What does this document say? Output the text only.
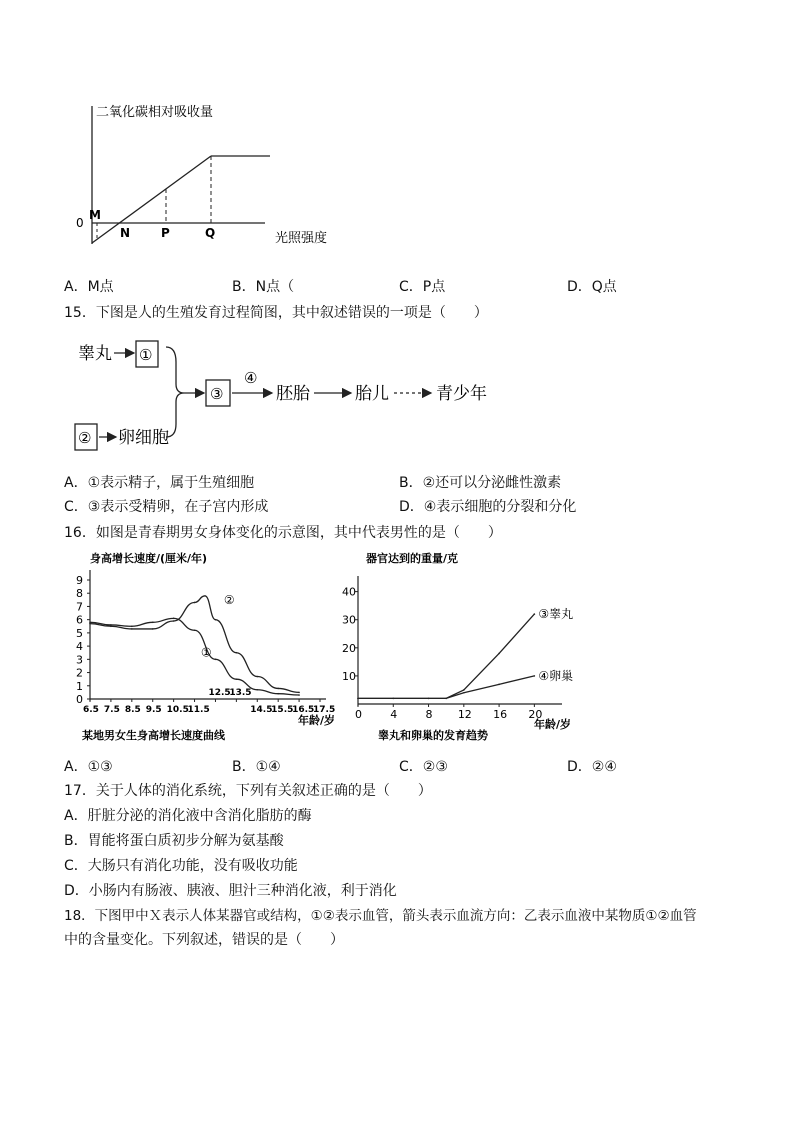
二氧化碳相对吸收量
0
光照强度
M
N	P	Q
A．M点	B．N点（	C．P点	D．Q点
15．下图是人的生殖发育过程简图，其中叙述错误的一项是（　　）
睾丸 ①
② 卵细胞
③
④
胚胎	胎儿	青少年
A．①表示精子，属于生殖细胞	B．②还可以分泌雌性激素
C．③表示受精卵，在子宫内形成	D．④表示细胞的分裂和分化
16．如图是青春期男女身体变化的示意图，其中代表男性的是（　　）
身高增长速度/(厘米/年)
年龄/岁
某地男女生身高增长速度曲线
0
1
2
3
4
5
6
7
8
9
6.5 7.5 8.5 9.5 10.5
11.5
12.5
13.5
14.5
15.5
16.5
17.5
①
②
器官达到的重量/克
年龄/岁
睾丸和卵巢的发育趋势
10
20
30
40
0	4	8 12 16 20
③睾丸
④卵巢
A．①③	B．①④	C．②③	D．②④
17．关于人体的消化系统，下列有关叙述正确的是（　　）
A．肝脏分泌的消化液中含消化脂肪的酶
B．胃能将蛋白质初步分解为氨基酸
C．大肠只有消化功能，没有吸收功能
D．小肠内有肠液、胰液、胆汁三种消化液，利于消化
18．下图甲中Ｘ表示人体某器官或结构，①②表示血管，箭头表示血流方向：乙表示血液中某物质①②血管
中的含量变化。下列叙述，错误的是（　　）
